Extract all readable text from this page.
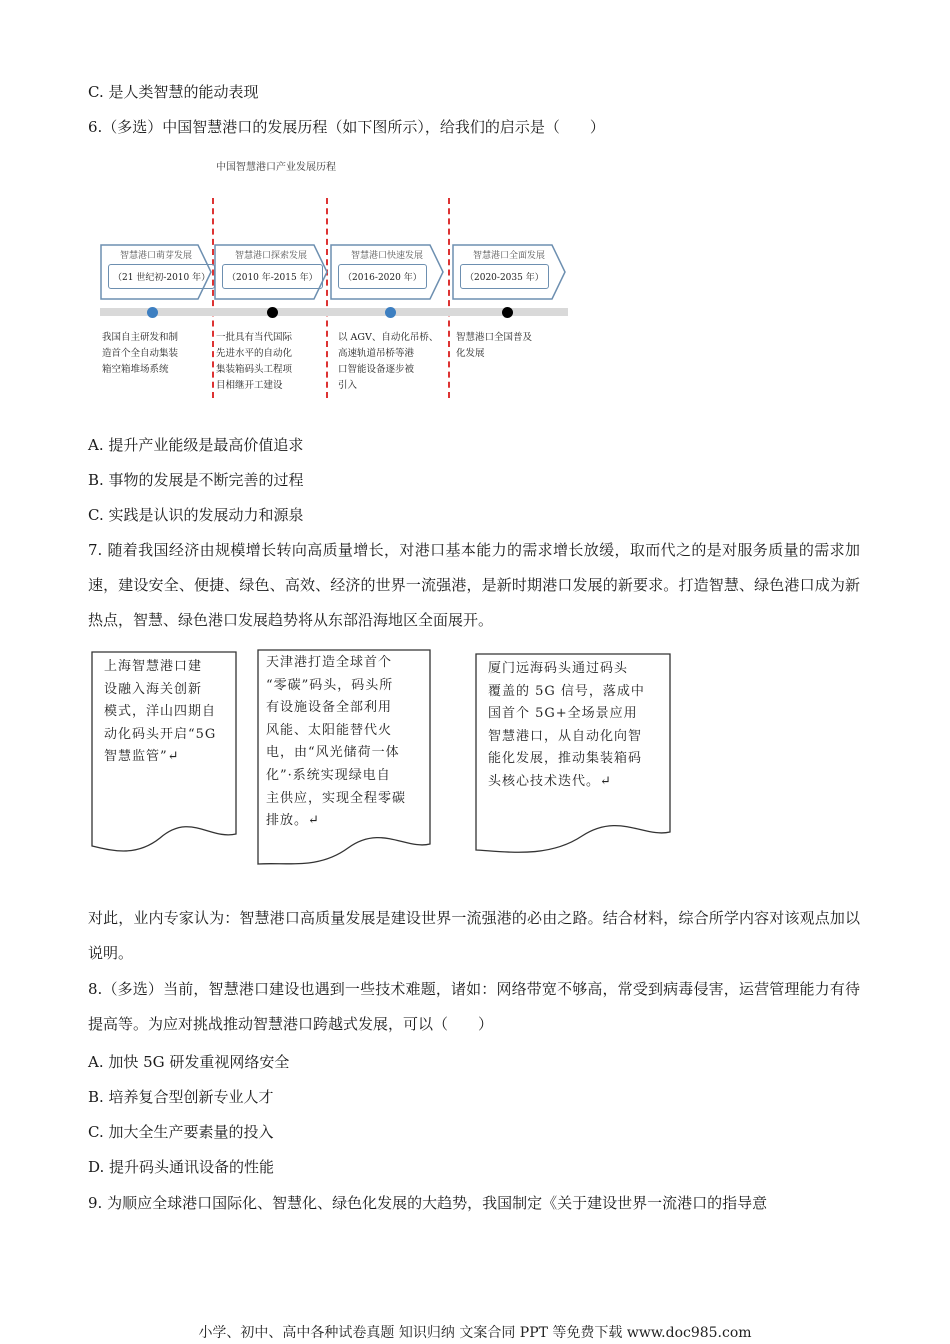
C. 是人类智慧的能动表现
6.（多选）中国智慧港口的发展历程（如下图所示），给我们的启示是（　　）
中国智慧港口产业发展历程
智慧港口萌芽发展
（21 世纪初-2010 年）
智慧港口探索发展
（2010 年-2015 年）
智慧港口快速发展
（2016-2020 年）
智慧港口全面发展
（2020-2035 年）
我国自主研发和制
造首个全自动集装
箱空箱堆场系统
一批具有当代国际
先进水平的自动化
集装箱码头工程项
目相继开工建设
以 AGV、自动化吊桥、
高速轨道吊桥等港
口智能设备逐步被
引入
智慧港口全国普及
化发展
A. 提升产业能级是最高价值追求
B. 事物的发展是不断完善的过程
C. 实践是认识的发展动力和源泉
7. 随着我国经济由规模增长转向高质量增长，对港口基本能力的需求增长放缓，取而代之的是对服务质量的需求加速，建设安全、便捷、绿色、高效、经济的世界一流强港，是新时期港口发展的新要求。打造智慧、绿色港口成为新热点，智慧、绿色港口发展趋势将从东部沿海地区全面展开。
上海智慧港口建
设融入海关创新
模式，洋山四期自
动化码头开启“5G
智慧监管”↵
天津港打造全球首个
“零碳”码头，码头所
有设施设备全部利用
风能、太阳能替代火
电，由“风光储荷一体
化”·系统实现绿电自
主供应，实现全程零碳
排放。↵
厦门远海码头通过码头
覆盖的 5G 信号，落成中
国首个 5G+全场景应用
智慧港口，从自动化向智
能化发展，推动集装箱码
头核心技术迭代。↵
对此，业内专家认为：智慧港口高质量发展是建设世界一流强港的必由之路。结合材料，综合所学内容对该观点加以说明。
8.（多选）当前，智慧港口建设也遇到一些技术难题，诸如：网络带宽不够高，常受到病毒侵害，运营管理能力有待提高等。为应对挑战推动智慧港口跨越式发展，可以（　　）
A. 加快 5G 研发重视网络安全
B. 培养复合型创新专业人才
C. 加大全生产要素量的投入
D. 提升码头通讯设备的性能
9. 为顺应全球港口国际化、智慧化、绿色化发展的大趋势，我国制定《关于建设世界一流港口的指导意
小学、初中、高中各种试卷真题 知识归纳 文案合同 PPT 等免费下载 www.doc985.com
